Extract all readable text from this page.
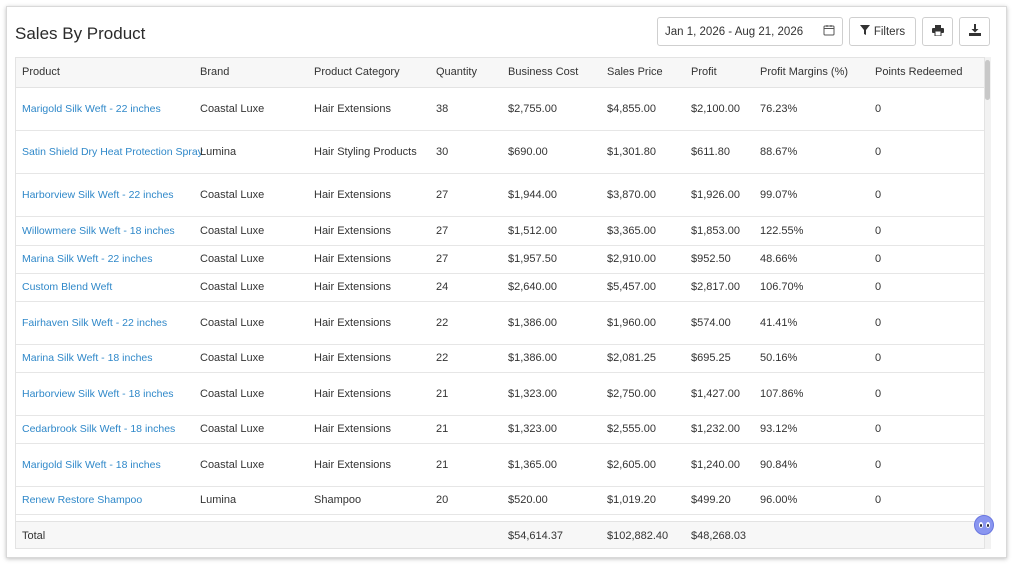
Sales By Product	Jan 1, 2026 - Aug 21, 2026	Filters
Product	Brand	Product Category	Quantity	Business Cost	Sales Price	Profit	Profit Margins (%)	Points Redeemed
Marigold Silk Weft - 22 inches	Coastal Luxe	Hair Extensions	38	$2,755.00	$4,855.00	$2,100.00	76.23%	0
Satin Shield Dry Heat Protection Spray	Lumina	Hair Styling Products	30	$690.00	$1,301.80	$611.80	88.67%	0
Harborview Silk Weft - 22 inches	Coastal Luxe	Hair Extensions	27	$1,944.00	$3,870.00	$1,926.00	99.07%	0
Willowmere Silk Weft - 18 inches	Coastal Luxe	Hair Extensions	27	$1,512.00	$3,365.00	$1,853.00	122.55%	0
Marina Silk Weft - 22 inches	Coastal Luxe	Hair Extensions	27	$1,957.50	$2,910.00	$952.50	48.66%	0
Custom Blend Weft	Coastal Luxe	Hair Extensions	24	$2,640.00	$5,457.00	$2,817.00	106.70%	0
Fairhaven Silk Weft - 22 inches	Coastal Luxe	Hair Extensions	22	$1,386.00	$1,960.00	$574.00	41.41%	0
Marina Silk Weft - 18 inches	Coastal Luxe	Hair Extensions	22	$1,386.00	$2,081.25	$695.25	50.16%	0
Harborview Silk Weft - 18 inches	Coastal Luxe	Hair Extensions	21	$1,323.00	$2,750.00	$1,427.00	107.86%	0
Cedarbrook Silk Weft - 18 inches	Coastal Luxe	Hair Extensions	21	$1,323.00	$2,555.00	$1,232.00	93.12%	0
Marigold Silk Weft - 18 inches	Coastal Luxe	Hair Extensions	21	$1,365.00	$2,605.00	$1,240.00	90.84%	0
Renew Restore Shampoo	Lumina	Shampoo	20	$520.00	$1,019.20	$499.20	96.00%	0

Total				$54,614.37	$102,882.40	$48,268.03		
